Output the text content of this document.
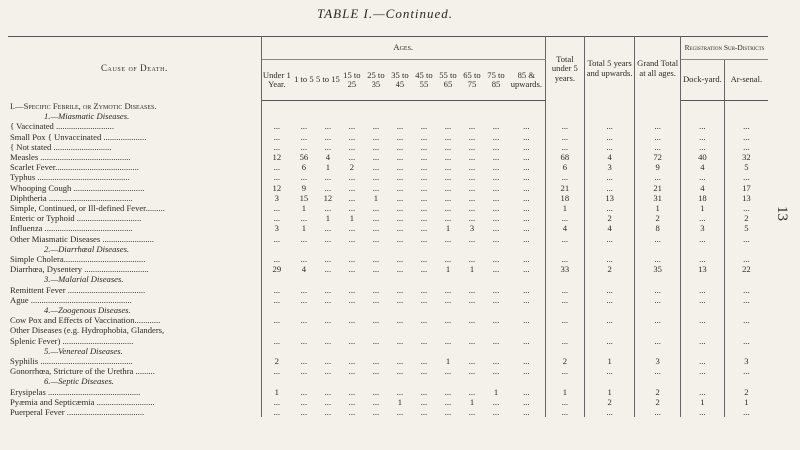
TABLE I.—Continued.
13
Cause of Death.	Ages.											Total under 5 years.	Total 5 years and upwards.	Grand Total at all ages.	Registration Sub-Districts	
	Under 1 Year.	1 to 5	5 to 15	15 to 25	25 to 35	35 to 45	45 to 55	55 to 65	65 to 75	75 to 85	85 & upwards.				Dock-yard.	Ar-senal.
I.—Specific Febrile, or Zymotic Diseases.																
1.—Miasmatic Diseases.																
{ Vaccinated ...........................	...	...	...	...	...	...	...	...	...	...	...	...	...	...	...	...
Small Pox { Unvaccinated ....................	...	...	...	...	...	...	...	...	...	...	...	...	...	...	...	...
{ Not stated ...........................	...	...	...	...	...	...	...	...	...	...	...	...	...	...	...	...
Measles ..........................................	12	56	4	...	...	...	...	...	...	...	...	68	4	72	40	32
Scarlet Fever.......................................	...	6	1	2	...	...	...	...	...	...	...	6	3	9	4	5
Typhus ...........................................	...	...	...	...	...	...	...	...	...	...	...	...	...	...	...	...
Whooping Cough .................................	12	9	...	...	...	...	...	...	...	...	...	21	...	21	4	17
Diphtheria .......................................	3	15	12	...	1	...	...	...	...	...	...	18	13	31	18	13
Simple, Continued, or Ill-defined Fever.........	...	1	...	...	...	...	...	...	...	...	...	1	...	1	1	...
Enteric or Typhoid ..............................	...	...	1	1	...	...	...	...	...	...	...	...	2	2	...	2
Influenza .........................................	3	1	...	...	...	...	...	1	3	...	...	4	4	8	3	5
Other Miasmatic Diseases ........................	...	...	...	...	...	...	...	...	...	...	...	...	...	...	...	...
2.—Diarrhœal Diseases.																
Simple Cholera......................................	...	...	...	...	...	...	...	...	...	...	...	...	...	...	...	...
Diarrhœa, Dysentery ..............................	29	4	...	...	...	...	...	1	1	...	...	33	2	35	13	22
3.—Malarial Diseases.																
Remittent Fever ....................................	...	...	...	...	...	...	...	...	...	...	...	...	...	...	...	...
Ague ...............................................	...	...	...	...	...	...	...	...	...	...	...	...	...	...	...	...
4.—Zoogenous Diseases.																
Cow Pox and Effects of Vaccination............	...	...	...	...	...	...	...	...	...	...	...	...	...	...	...	...
Other Diseases (e.g. Hydrophobia, Glanders,																
Splenic Fever) .................................	...	...	...	...	...	...	...	...	...	...	...	...	...	...	...	...
5.—Venereal Diseases.																
Syphilis ...........................................	2	...	...	...	...	...	...	1	...	...	...	2	1	3	...	3
Gonorrhœa, Stricture of the Urethra .........	...	...	...	...	...	...	...	...	...	...	...	...	...	...	...	...
6.—Septic Diseases.																
Erysipelas ...........................................	1	...	...	...	...	...	...	...	...	1	...	1	1	2	...	2
Pyæmia and Septicæmia ...........................	...	...	...	...	...	1	...	...	1	...	...	...	2	2	1	1
Puerperal Fever ....................................	...	...	...	...	...	...	...	...	...	...	...	...	...	...	...	...
